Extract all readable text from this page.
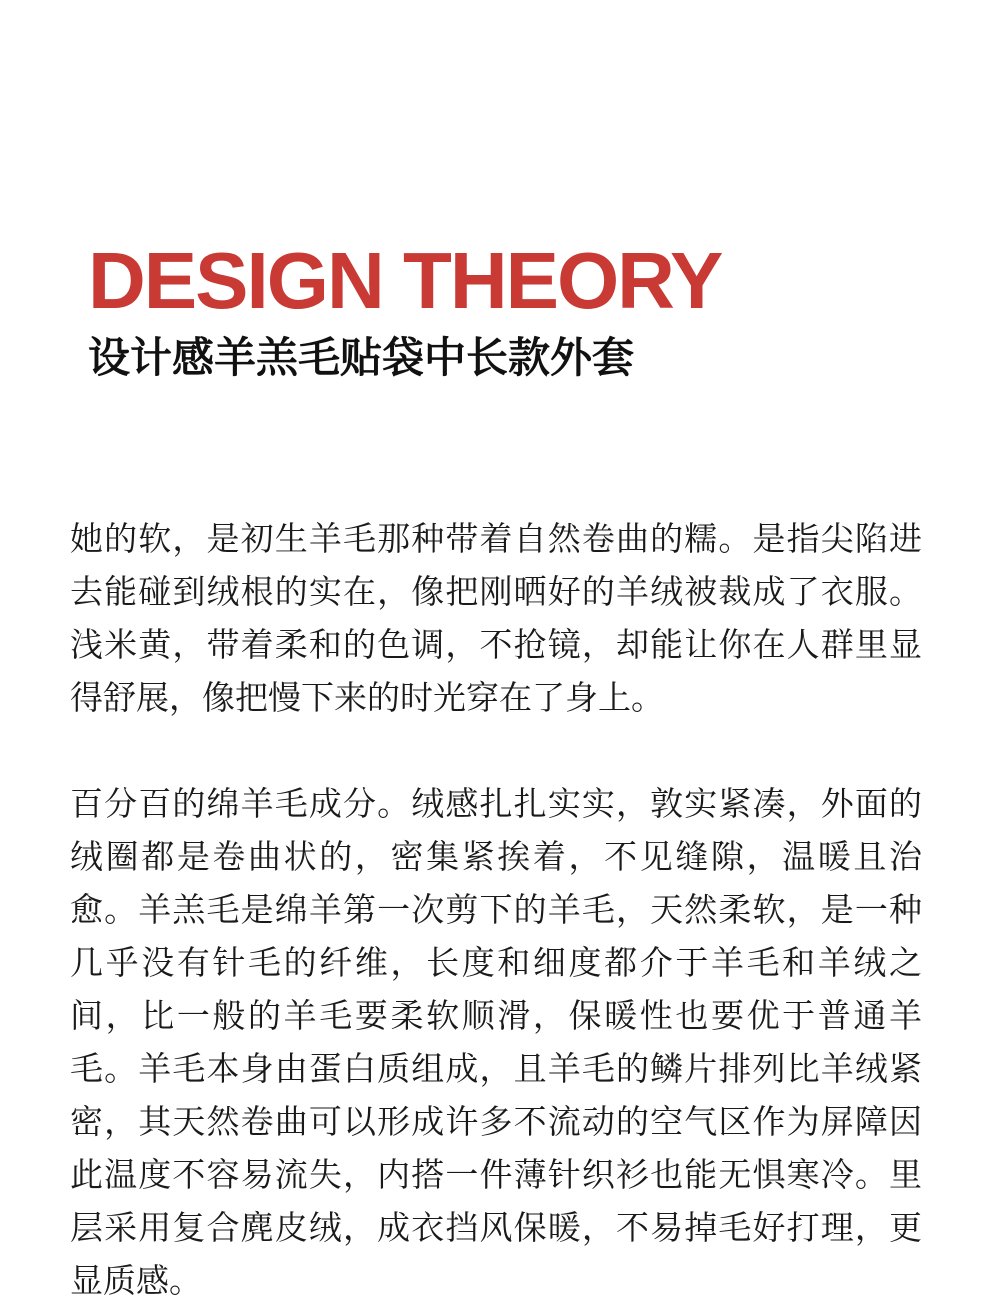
DESIGN THEORY
设计感羊羔毛贴袋中长款外套

她的软，是初生羊毛那种带着自然卷曲的糯。是指尖陷进去能碰到绒根的实在，像把刚晒好的羊绒被裁成了衣服。浅米黄，带着柔和的色调，不抢镜，却能让你在人群里显得舒展，像把慢下来的时光穿在了身上。

百分百的绵羊毛成分。绒感扎扎实实，敦实紧凑，外面的绒圈都是卷曲状的，密集紧挨着，不见缝隙，温暖且治愈。羊羔毛是绵羊第一次剪下的羊毛，天然柔软，是一种几乎没有针毛的纤维，长度和细度都介于羊毛和羊绒之间，比一般的羊毛要柔软顺滑，保暖性也要优于普通羊毛。羊毛本身由蛋白质组成，且羊毛的鳞片排列比羊绒紧密，其天然卷曲可以形成许多不流动的空气区作为屏障因此温度不容易流失，内搭一件薄针织衫也能无惧寒冷。里层采用复合麂皮绒，成衣挡风保暖，不易掉毛好打理，更显质感。
